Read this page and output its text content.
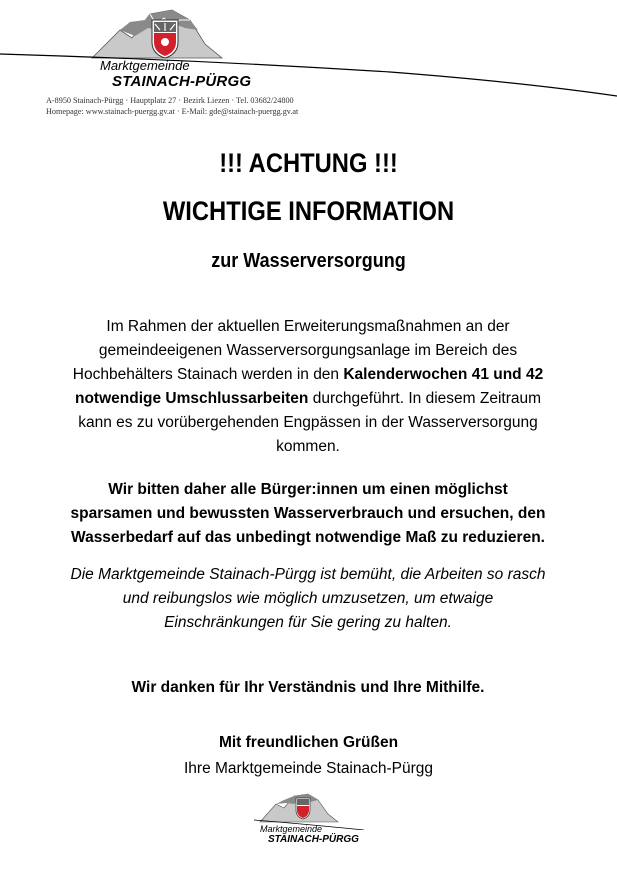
Marktgemeinde
STAINACH-PÜRGG
A-8950 Stainach-Pürgg · Hauptplatz 27 · Bezirk Liezen · Tel. 03682/24800
Homepage: www.stainach-puergg.gv.at · E-Mail: gde@stainach-puergg.gv.at
!!! ACHTUNG !!!
WICHTIGE INFORMATION
zur Wasserversorgung
Im Rahmen der aktuellen Erweiterungsmaßnahmen an der
gemeindeeigenen Wasserversorgungsanlage im Bereich des
Hochbehälters Stainach werden in den Kalenderwochen 41 und 42
notwendige Umschlussarbeiten durchgeführt. In diesem Zeitraum
kann es zu vorübergehenden Engpässen in der Wasserversorgung
kommen.
Wir bitten daher alle Bürger:innen um einen möglichst
sparsamen und bewussten Wasserverbrauch und ersuchen, den
Wasserbedarf auf das unbedingt notwendige Maß zu reduzieren.
Die Marktgemeinde Stainach-Pürgg ist bemüht, die Arbeiten so rasch
und reibungslos wie möglich umzusetzen, um etwaige
Einschränkungen für Sie gering zu halten.
Wir danken für Ihr Verständnis und Ihre Mithilfe.
Mit freundlichen Grüßen
Ihre Marktgemeinde Stainach-Pürgg
Marktgemeinde
STAINACH-PÜRGG
